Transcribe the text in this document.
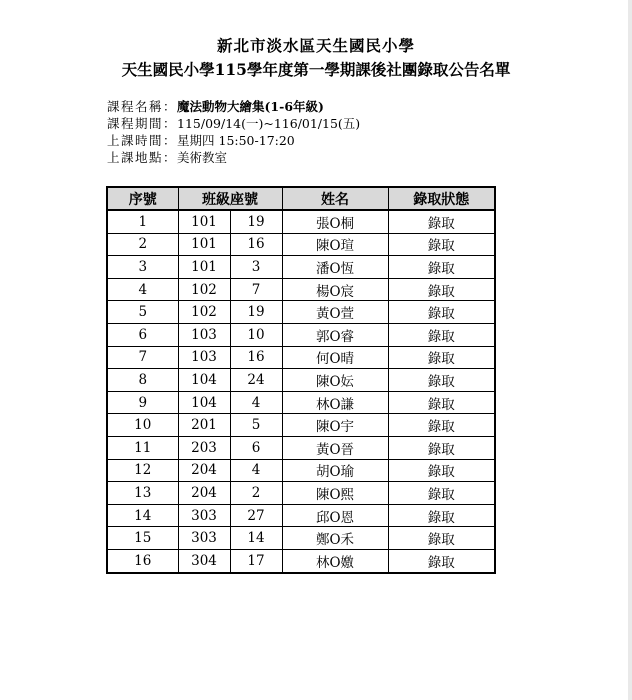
新北市淡水區天生國民小學
天生國民小學115學年度第一學期課後社團錄取公告名單
課程名稱：魔法動物大繪集(1-6年級)
課程期間：115/09/14(一)~116/01/15(五)
上課時間：星期四 15:50-17:20
上課地點：美術教室
序號	班級座號		姓名	錄取狀態
1	101	19	張O桐	錄取
2	101	16	陳O瑄	錄取
3	101	3	潘O恆	錄取
4	102	7	楊O宸	錄取
5	102	19	黃O萱	錄取
6	103	10	郭O睿	錄取
7	103	16	何O晴	錄取
8	104	24	陳O妘	錄取
9	104	4	林O謙	錄取
10	201	5	陳O宇	錄取
11	203	6	黃O晉	錄取
12	204	4	胡O瑜	錄取
13	204	2	陳O熙	錄取
14	303	27	邱O恩	錄取
15	303	14	鄭O禾	錄取
16	304	17	林O嬓	錄取
